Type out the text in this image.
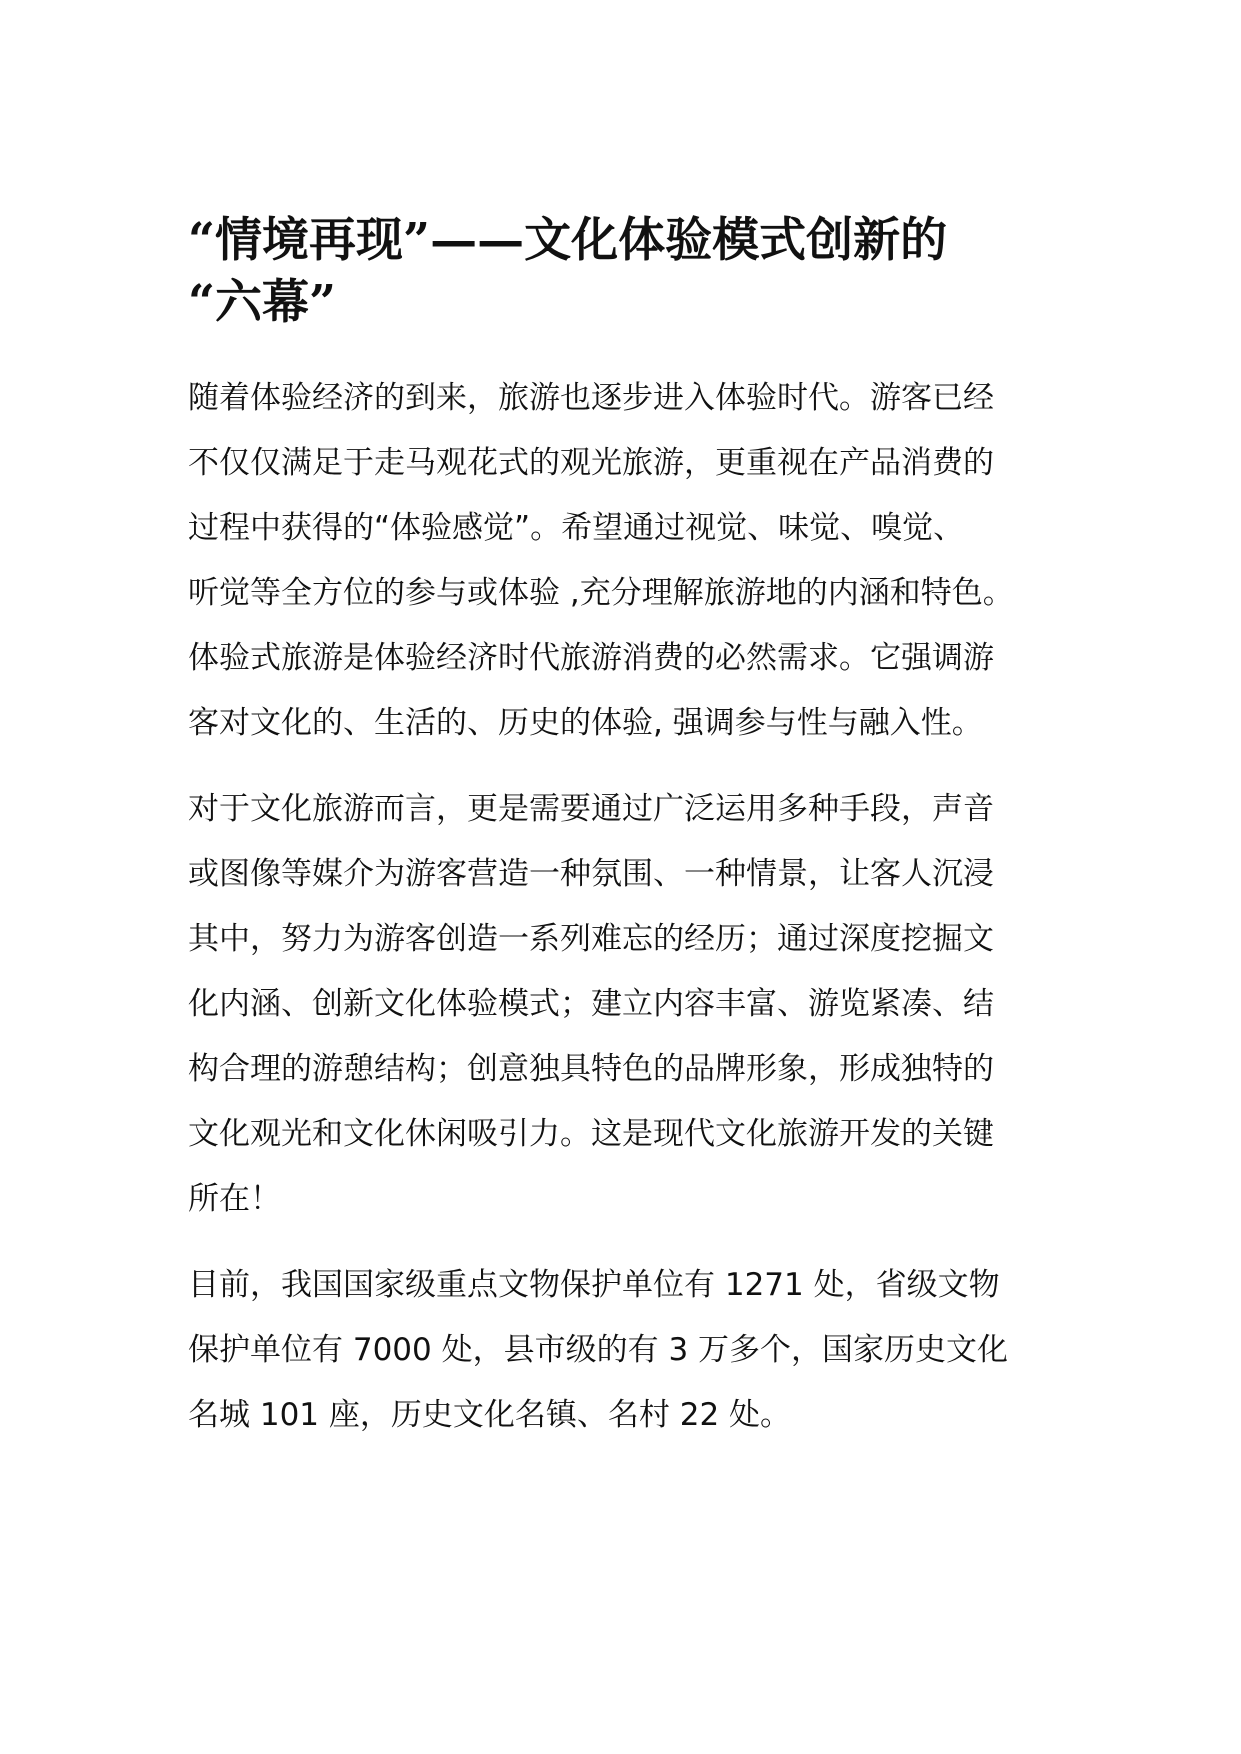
“情境再现”——文化体验模式创新的
“六幕”

随着体验经济的到来，旅游也逐步进入体验时代。游客已经
不仅仅满足于走马观花式的观光旅游，更重视在产品消费的
过程中获得的“体验感觉”。希望通过视觉、味觉、嗅觉、
听觉等全方位的参与或体验 ,充分理解旅游地的内涵和特色。
体验式旅游是体验经济时代旅游消费的必然需求。它强调游
客对文化的、生活的、历史的体验, 强调参与性与融入性。

对于文化旅游而言，更是需要通过广泛运用多种手段，声音
或图像等媒介为游客营造一种氛围、一种情景，让客人沉浸
其中，努力为游客创造一系列难忘的经历；通过深度挖掘文
化内涵、创新文化体验模式；建立内容丰富、游览紧凑、结
构合理的游憩结构；创意独具特色的品牌形象，形成独特的
文化观光和文化休闲吸引力。这是现代文化旅游开发的关键
所在！

目前，我国国家级重点文物保护单位有 1271 处，省级文物
保护单位有 7000 处，县市级的有 3 万多个，国家历史文化
名城 101 座，历史文化名镇、名村 22 处。
